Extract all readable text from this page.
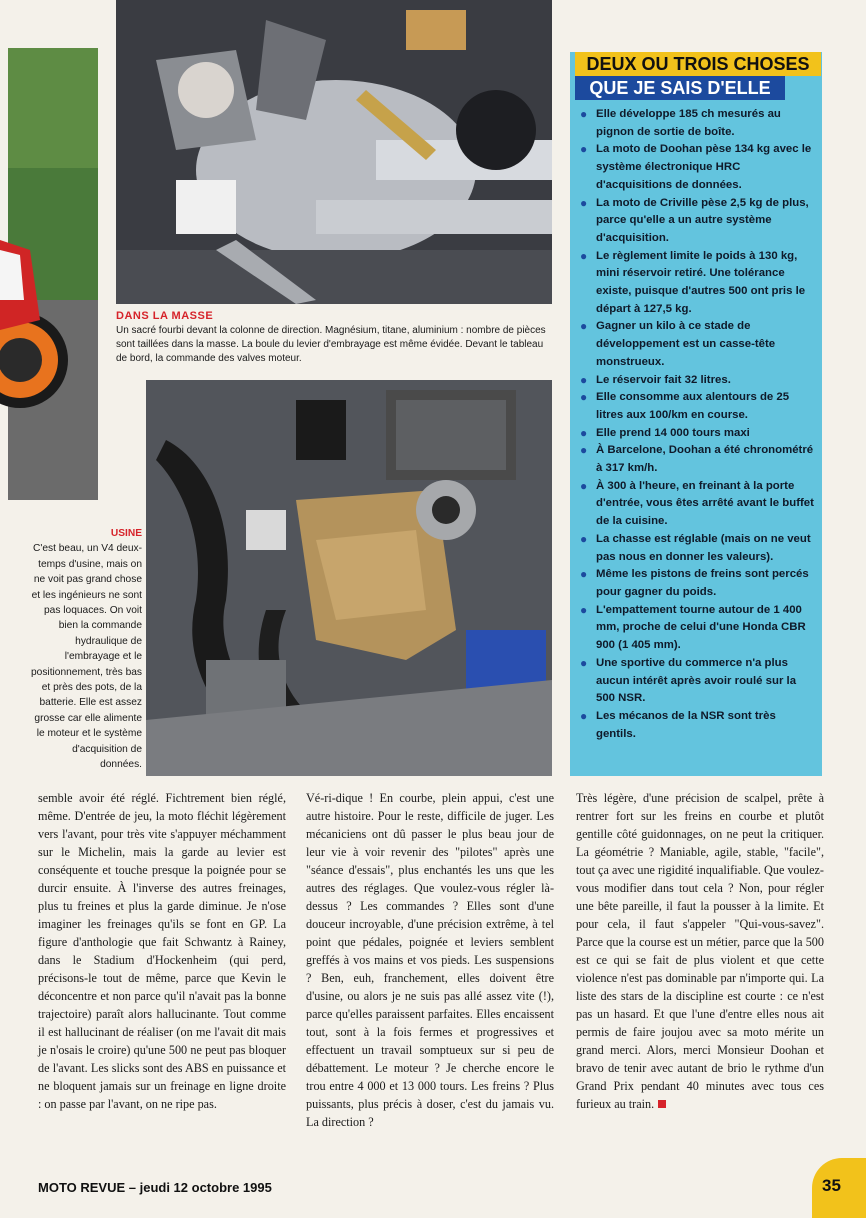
DANS LA MASSE
Un sacré fourbi devant la colonne de direction. Magnésium, titane, aluminium : nombre de pièces sont taillées dans la masse. La boule du levier d'embrayage est même évidée. Devant le tableau de bord, la commande des valves moteur.
USINE
C'est beau, un V4 deux-temps d'usine, mais on ne voit pas grand chose et les ingénieurs ne sont pas loquaces. On voit bien la commande hydraulique de l'embrayage et le positionnement, très bas et près des pots, de la batterie. Elle est assez grosse car elle alimente le moteur et le système d'acquisition de données.
DEUX OU TROIS CHOSES
QUE JE SAIS D'ELLE
● Elle développe 185 ch mesurés au pignon de sortie de boîte.
● La moto de Doohan pèse 134 kg avec le système électronique HRC d'acquisitions de données.
● La moto de Criville pèse 2,5 kg de plus, parce qu'elle a un autre système d'acquisition.
● Le règlement limite le poids à 130 kg, mini réservoir retiré. Une tolérance existe, puisque d'autres 500 ont pris le départ à 127,5 kg.
● Gagner un kilo à ce stade de développement est un casse-tête monstrueux.
● Le réservoir fait 32 litres.
● Elle consomme aux alentours de 25 litres aux 100/km en course.
● Elle prend 14 000 tours maxi
● À Barcelone, Doohan a été chronométré à 317 km/h.
● À 300 à l'heure, en freinant à la porte d'entrée, vous êtes arrêté avant le buffet de la cuisine.
● La chasse est réglable (mais on ne veut pas nous en donner les valeurs).
● Même les pistons de freins sont percés pour gagner du poids.
● L'empattement tourne autour de 1 400 mm, proche de celui d'une Honda CBR 900 (1 405 mm).
● Une sportive du commerce n'a plus aucun intérêt après avoir roulé sur la 500 NSR.
● Les mécanos de la NSR sont très gentils.
semble avoir été réglé. Fichtrement bien réglé, même. D'entrée de jeu, la moto fléchit légèrement vers l'avant, pour très vite s'appuyer méchamment sur le Michelin, mais la garde au levier est conséquente et touche presque la poignée pour se durcir ensuite. À l'inverse des autres freinages, plus tu freines et plus la garde diminue. Je n'ose imaginer les freinages qu'ils se font en GP. La figure d'anthologie que fait Schwantz à Rainey, dans le Stadium d'Hockenheim (qui perd, précisons-le tout de même, parce que Kevin le déconcentre et non parce qu'il n'avait pas la bonne trajectoire) paraît alors hallucinante. Tout comme il est hallucinant de réaliser (on me l'avait dit mais je n'osais le croire) qu'une 500 ne peut pas bloquer de l'avant. Les slicks sont des ABS en puissance et ne bloquent jamais sur un freinage en ligne droite : on passe par l'avant, on ne ripe pas.
Vé-ri-dique ! En courbe, plein appui, c'est une autre histoire. Pour le reste, difficile de juger. Les mécaniciens ont dû passer le plus beau jour de leur vie à voir revenir des "pilotes" après une "séance d'essais", plus enchantés les uns que les autres des réglages. Que voulez-vous régler là-dessus ? Les commandes ? Elles sont d'une douceur incroyable, d'une précision extrême, à tel point que pédales, poignée et leviers semblent greffés à vos mains et vos pieds. Les suspensions ? Ben, euh, franchement, elles doivent être d'usine, ou alors je ne suis pas allé assez vite (!), parce qu'elles paraissent parfaites. Elles encaissent tout, sont à la fois fermes et progressives et effectuent un travail somptueux sur si peu de débattement. Le moteur ? Je cherche encore le trou entre 4 000 et 13 000 tours. Les freins ? Plus puissants, plus précis à doser, c'est du jamais vu. La direction ?
Très légère, d'une précision de scalpel, prête à rentrer fort sur les freins en courbe et plutôt gentille côté guidonnages, on ne peut la critiquer. La géométrie ? Maniable, agile, stable, "facile", tout ça avec une rigidité inqualifiable. Que voulez-vous modifier dans tout cela ? Non, pour régler une bête pareille, il faut la pousser à la limite. Et pour cela, il faut s'appeler "Qui-vous-savez". Parce que la course est un métier, parce que la 500 est ce qui se fait de plus violent et que cette violence n'est pas dominable par n'importe qui. La liste des stars de la discipline est courte : ce n'est pas un hasard. Et que l'une d'entre elles nous ait permis de faire joujou avec sa moto mérite un grand merci. Alors, merci Monsieur Doohan et bravo de tenir avec autant de brio le rythme d'un Grand Prix pendant 40 minutes avec tous ces furieux au train.
MOTO REVUE – jeudi 12 octobre 1995	35
